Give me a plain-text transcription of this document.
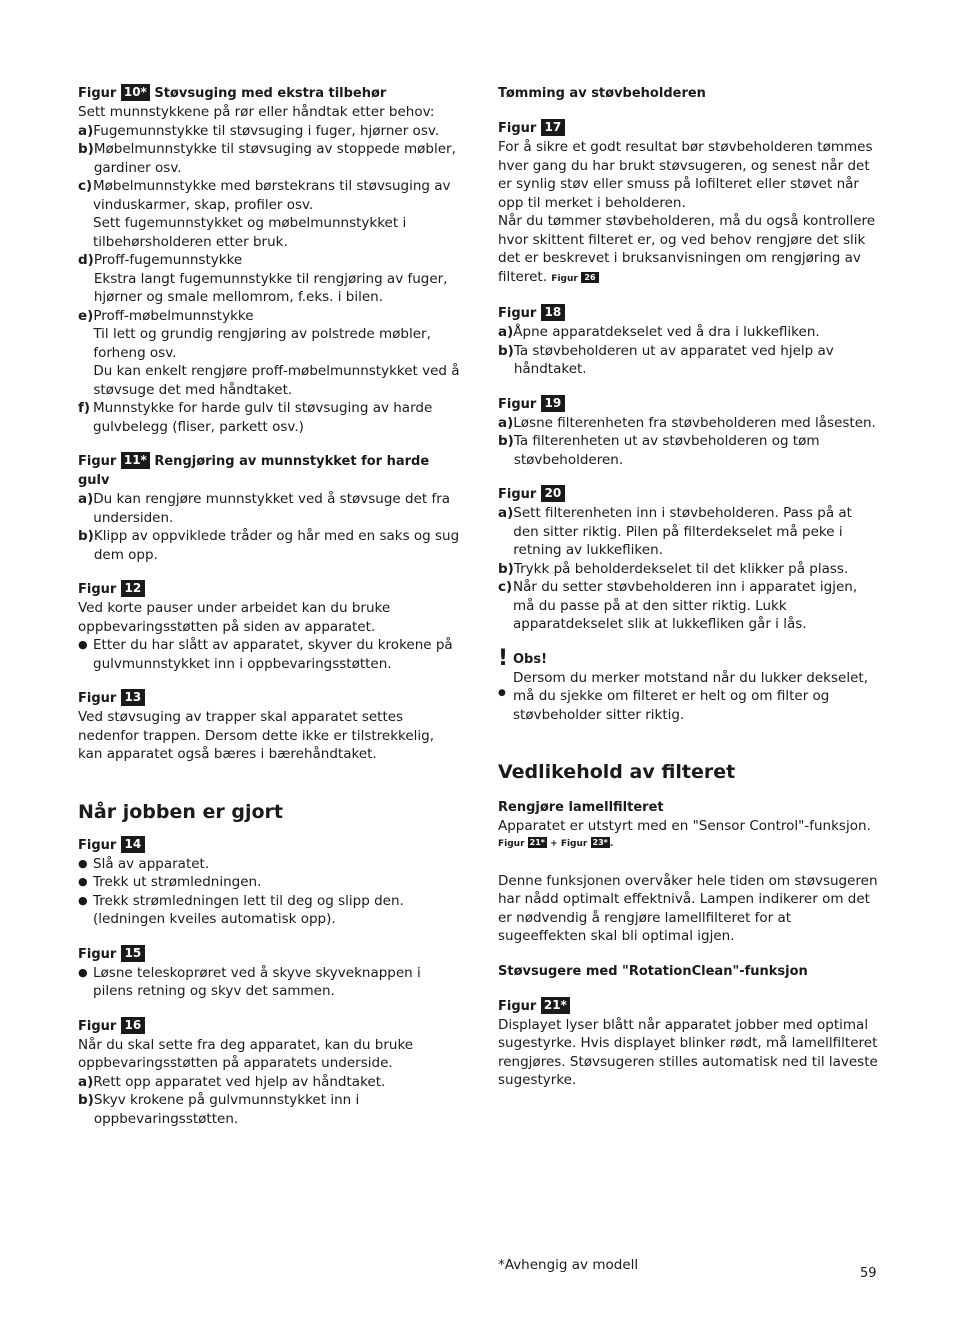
Figur 10* Støvsuging med ekstra tilbehør

Sett munnstykkene på rør eller håndtak etter behov:

a) Fugemunnstykke til støvsuging i fuger, hjørner osv.
b) Møbelmunnstykke til støvsuging av stoppede møbler, gardiner osv.
c) Møbelmunnstykke med børstekrans til støvsuging av vinduskarmer, skap, profiler osv.
Sett fugemunnstykket og møbelmunnstykket i tilbehørsholderen etter bruk.
d) Proff-fugemunnstykke
Ekstra langt fugemunnstykke til rengjøring av fuger, hjørner og smale mellomrom, f.eks. i bilen.
e) Proff-møbelmunnstykke
Til lett og grundig rengjøring av polstrede møbler, forheng osv.
Du kan enkelt rengjøre proff-møbelmunnstykket ved å støvsuge det med håndtaket.
f) Munnstykke for harde gulv til støvsuging av harde gulvbelegg (fliser, parkett osv.)
Figur 11* Rengjøring av munnstykket for harde gulv
a) Du kan rengjøre munnstykket ved å støvsuge det fra undersiden.
b) Klipp av oppviklede tråder og hår med en saks og sug dem opp.
Figur 12

Ved korte pauser under arbeidet kan du bruke oppbevaringsstøtten på siden av apparatet.

● Etter du har slått av apparatet, skyver du krokene på gulvmunnstykket inn i oppbevaringsstøtten.
Figur 13

Ved støvsuging av trapper skal apparatet settes nedenfor trappen. Dersom dette ikke er tilstrekkelig, kan apparatet også bæres i bærehåndtaket.

Når jobben er gjort
Figur 14
● Slå av apparatet.
● Trekk ut strømledningen.
● Trekk strømledningen lett til deg og slipp den. (ledningen kveiles automatisk opp).
Figur 15
● Løsne teleskoprøret ved å skyve skyveknappen i pilens retning og skyv det sammen.
Figur 16

Når du skal sette fra deg apparatet, kan du bruke oppbevaringsstøtten på apparatets underside.

a) Rett opp apparatet ved hjelp av håndtaket.
b) Skyv krokene på gulvmunnstykket inn i oppbevaringsstøtten.
Tømming av støvbeholderen
Figur 17

For å sikre et godt resultat bør støvbeholderen tømmes hver gang du har brukt støvsugeren, og senest når det er synlig støv eller smuss på lofilteret eller støvet når opp til merket i beholderen.

Når du tømmer støvbeholderen, må du også kontrollere hvor skittent filteret er, og ved behov rengjøre det slik det er beskrevet i bruksanvisningen om rengjøring av filteret. Figur 26

Figur 18
a) Åpne apparatdekselet ved å dra i lukkefliken.
b) Ta støvbeholderen ut av apparatet ved hjelp av håndtaket.
Figur 19
a) Løsne filterenheten fra støvbeholderen med låsesten.
b) Ta filterenheten ut av støvbeholderen og tøm støvbeholderen.
Figur 20
a) Sett filterenheten inn i støvbeholderen. Pass på at den sitter riktig. Pilen på filterdekselet må peke i retning av lukkefliken.
b) Trykk på beholderdekselet til det klikker på plass.
c) Når du setter støvbeholderen inn i apparatet igjen, må du passe på at den sitter riktig. Lukk apparatdekselet slik at lukkefliken går i lås.
! Obs!
Dersom du merker motstand når du lukker dekselet, må du sjekke om filteret er helt og om filter og støvbeholder sitter riktig.
●
Vedlikehold av filteret
Rengjøre lamellfilteret

Apparatet er utstyrt med en "Sensor Control"-funksjon.

Figur 21* + Figur 23* .

Denne funksjonen overvåker hele tiden om støvsugeren har nådd optimalt effektnivå. Lampen indikerer om det er nødvendig å rengjøre lamellfilteret for at sugeeffekten skal bli optimal igjen.

Støvsugere med "RotationClean"-funksjon
Figur 21*

Displayet lyser blått når apparatet jobber med optimal sugestyrke. Hvis displayet blinker rødt, må lamellfilteret rengjøres. Støvsugeren stilles automatisk ned til laveste sugestyrke.

*Avhengig av modell
59
